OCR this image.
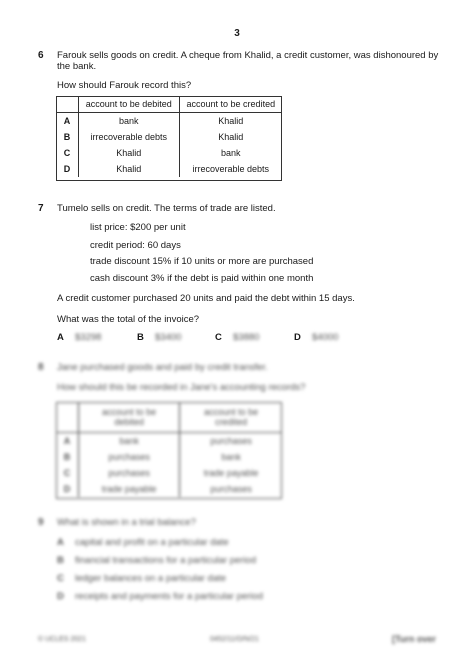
3
6 Farouk sells goods on credit. A cheque from Khalid, a credit customer, was dishonoured by the bank.
How should Farouk record this?
	account to be debited	account to be credited
A	bank	Khalid
B	irrecoverable debts	Khalid
C	Khalid	bank
D	Khalid	irrecoverable debts
7 Tumelo sells on credit. The terms of trade are listed.
list price: $200 per unit
credit period: 60 days
trade discount 15% if 10 units or more are purchased
cash discount 3% if the debt is paid within one month
A credit customer purchased 20 units and paid the debt within 15 days.
What was the total of the invoice?
A	$3298	B	$3400	C	$3880	D	$4000
8 Jane purchased goods and paid by credit transfer.
How should this be recorded in Jane's accounting records?
	account to be debited	account to be credited
A	bank	purchases
B	purchases	bank
C	purchases	trade payable
D	trade payable	purchases
9 What is shown in a trial balance?
A	capital and profit on a particular date
B	financial transactions for a particular period
C	ledger balances on a particular date
D	receipts and payments for a particular period
© UCLES 2021	0452/11/O/N/21	[Turn over
